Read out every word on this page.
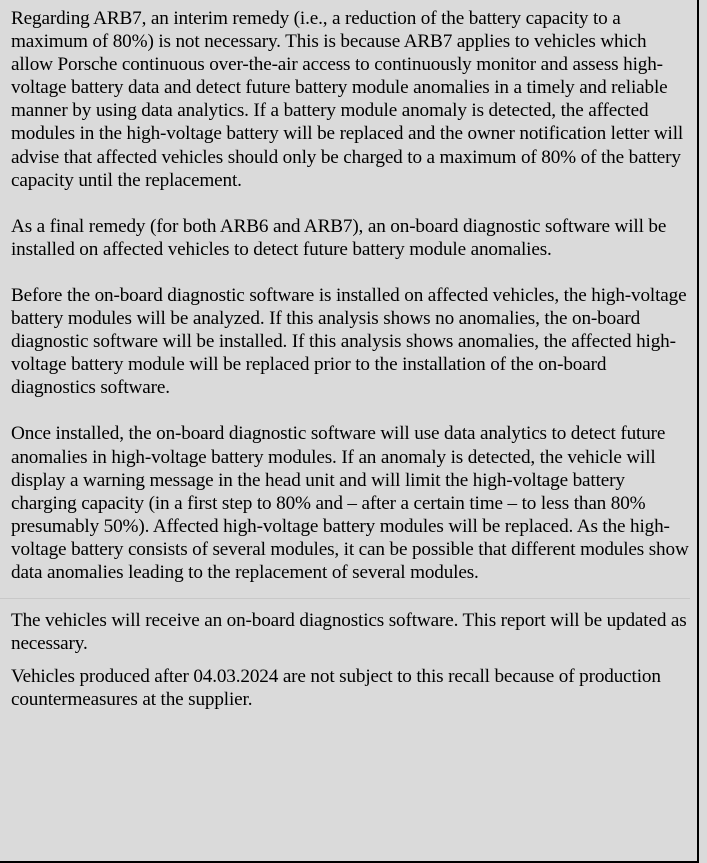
Regarding ARB7, an interim remedy (i.e., a reduction of the battery capacity to a maximum of 80%) is not necessary. This is because ARB7 applies to vehicles which allow Porsche continuous over-the-air access to continuously monitor and assess high-voltage battery data and detect future battery module anomalies in a timely and reliable manner by using data analytics. If a battery module anomaly is detected, the affected modules in the high-voltage battery will be replaced and the owner notification letter will advise that affected vehicles should only be charged to a maximum of 80% of the battery capacity until the replacement.

As a final remedy (for both ARB6 and ARB7), an on-board diagnostic software will be installed on affected vehicles to detect future battery module anomalies.

Before the on-board diagnostic software is installed on affected vehicles, the high-voltage battery modules will be analyzed. If this analysis shows no anomalies, the on-board diagnostic software will be installed. If this analysis shows anomalies, the affected high-voltage battery module will be replaced prior to the installation of the on-board diagnostics software.

Once installed, the on-board diagnostic software will use data analytics to detect future anomalies in high-voltage battery modules. If an anomaly is detected, the vehicle will display a warning message in the head unit and will limit the high-voltage battery charging capacity (in a first step to 80% and – after a certain time – to less than 80% presumably 50%). Affected high-voltage battery modules will be replaced. As the high-voltage battery consists of several modules, it can be possible that different modules show data anomalies leading to the replacement of several modules.

The vehicles will receive an on-board diagnostics software. This report will be updated as necessary.

Vehicles produced after 04.03.2024 are not subject to this recall because of production countermeasures at the supplier.
